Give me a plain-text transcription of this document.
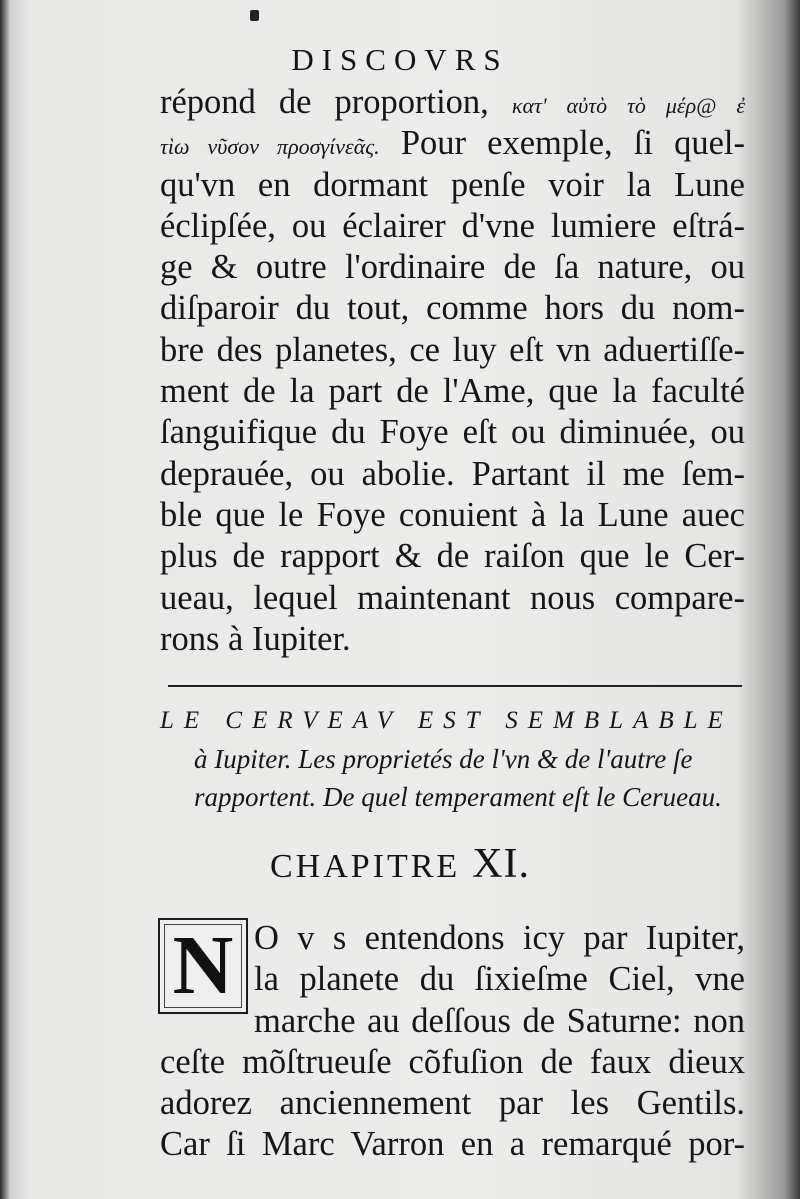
DISCOVRS
répond de proportion, κατ' αὐτὸ τὸ μέρ@ ἐ
τὶω νῦσον προσγίνεᾶς. Pour exemple, ſi quel-
qu'vn en dormant penſe voir la Lune
éclipſée, ou éclairer d'vne lumiere eſtrá-
ge & outre l'ordinaire de ſa nature, ou
diſparoir du tout, comme hors du nom-
bre des planetes, ce luy eſt vn aduertiſſe-
ment de la part de l'Ame, que la faculté
ſanguifique du Foye eſt ou diminuée, ou
deprauée, ou abolie. Partant il me ſem-
ble que le Foye conuient à la Lune auec
plus de rapport & de raiſon que le Cer-
ueau, lequel maintenant nous compare-
rons à Iupiter.
LE CERVEAV EST SEMBLABLE
à Iupiter. Les proprietés de l'vn & de l'autre ſe
rapportent. De quel temperament eſt le Cerueau.
CHAPITRE XI.
N O v s entendons icy par Iupiter,
la planete du ſixieſme Ciel, vne
marche au deſſous de Saturne: non
ceſte mõſtrueuſe cõfuſion de faux dieux
adorez anciennement par les Gentils.
Car ſi Marc Varron en a remarqué por-
